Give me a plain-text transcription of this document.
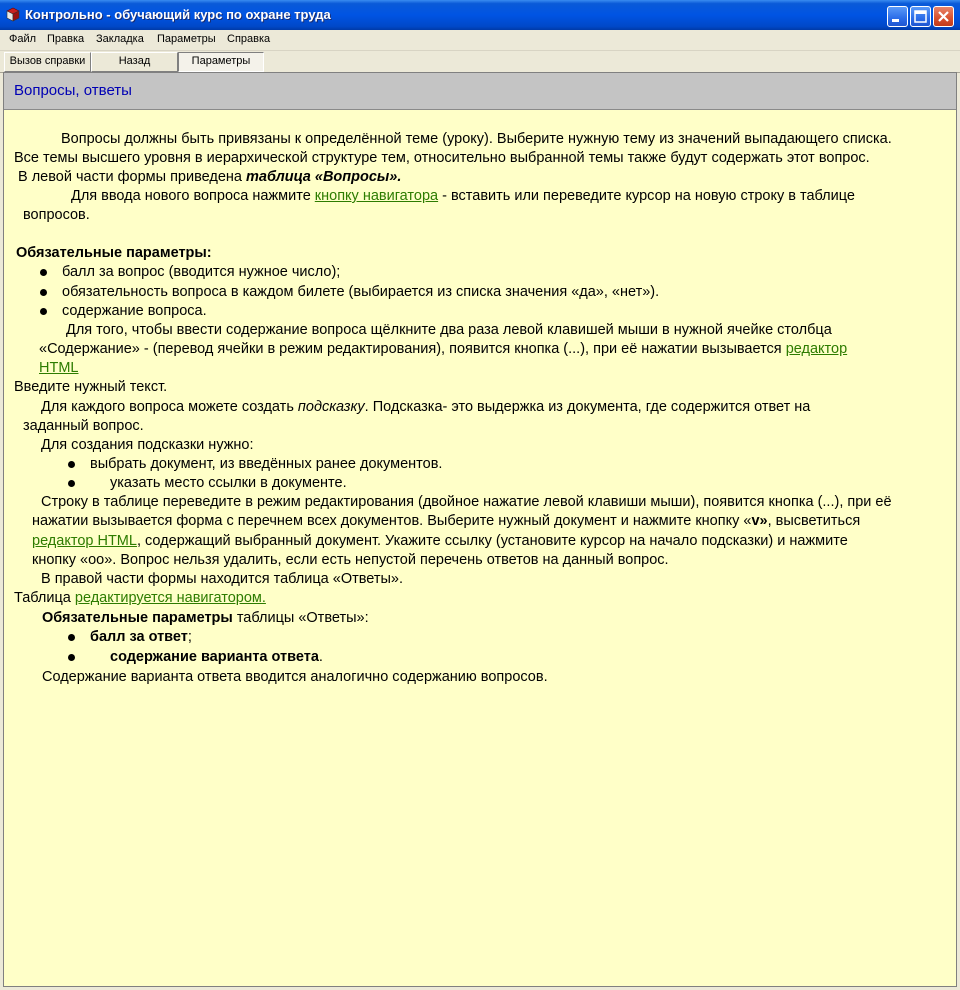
Контрольно - обучающий курс по охране труда
Файл Правка Закладка Параметры Справка
Вызов справки	Назад	Параметры
Вопросы, ответы
Вопросы должны быть привязаны к определённой теме (уроку). Выберите нужную тему из значений выпадающего списка.
Все темы высшего уровня в иерархической структуре тем, относительно выбранной темы также будут содержать этот вопрос.
В левой части формы приведена таблица «Вопросы».
Для ввода нового вопроса нажмите кнопку навигатора - вставить или переведите курсор на новую строку в таблице
вопросов.
Обязательные параметры:
балл за вопрос (вводится нужное число);
обязательность вопроса в каждом билете (выбирается из списка значения «да», «нет»).
содержание вопроса.
Для того, чтобы ввести содержание вопроса щёлкните два раза левой клавишей мыши в нужной ячейке столбца
«Содержание» - (перевод ячейки в режим редактирования), появится кнопка (...), при её нажатии вызывается редактор
HTML
Введите нужный текст.
Для каждого вопроса можете создать подсказку. Подсказка- это выдержка из документа, где содержится ответ на
заданный вопрос.
Для создания подсказки нужно:
выбрать документ, из введённых ранее документов.
указать место ссылки в документе.
Строку в таблице переведите в режим редактирования (двойное нажатие левой клавиши мыши), появится кнопка (...), при её
нажатии вызывается форма с перечнем всех документов. Выберите нужный документ и нажмите кнопку «v», высветиться
редактор HTML, содержащий выбранный документ. Укажите ссылку (установите курсор на начало подсказки) и нажмите
кнопку «oo». Вопрос нельзя удалить, если есть непустой перечень ответов на данный вопрос.
В правой части формы находится таблица «Ответы».
Таблица редактируется навигатором.
Обязательные параметры таблицы «Ответы»:
балл за ответ;
содержание варианта ответа.
Содержание варианта ответа вводится аналогично содержанию вопросов.
